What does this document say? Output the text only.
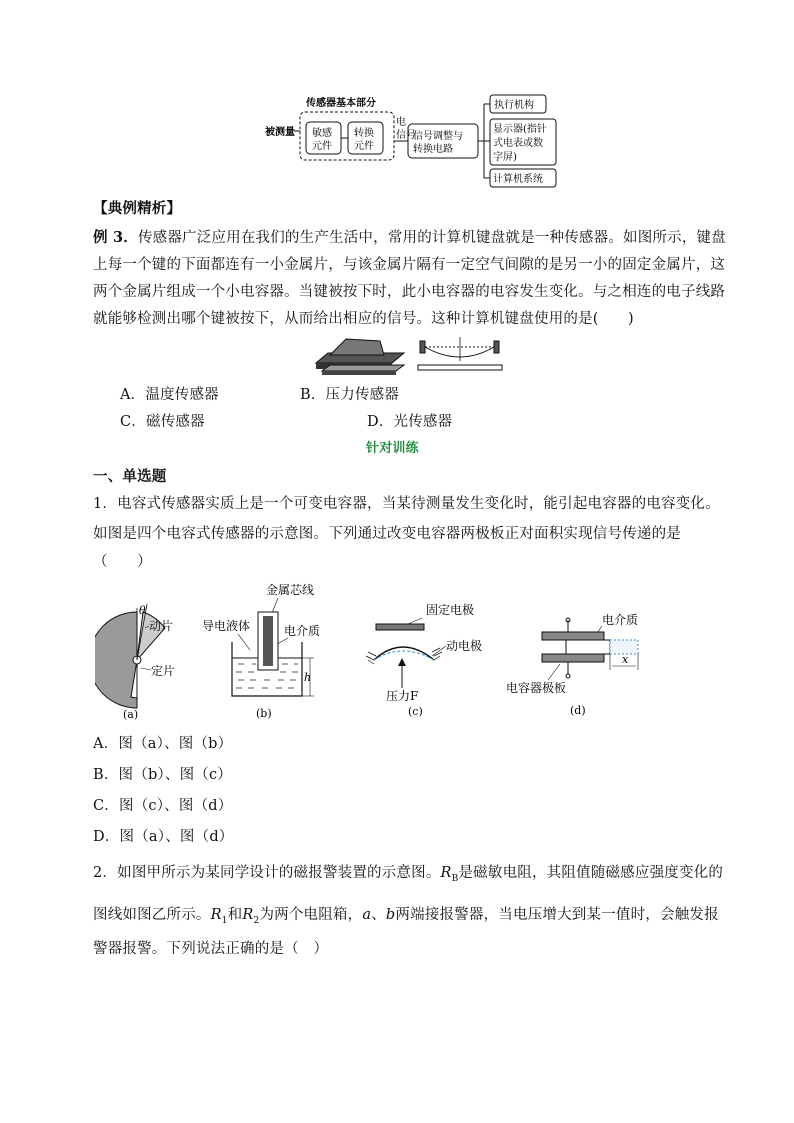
被测量
传感器基本部分
敏感
元件
转换
元件
电
信号
信号调整与
转换电路
执行机构
显示器(指针
式电表或数
字屏)
计算机系统
【典例精析】
例 3．传感器广泛应用在我们的生产生活中，常用的计算机键盘就是一种传感器。如图所示，键盘
上每一个键的下面都连有一小金属片，与该金属片隔有一定空气间隙的是另一小的固定金属片，这
两个金属片组成一个小电容器。当键被按下时，此小电容器的电容发生变化。与之相连的电子线路
就能够检测出哪个键被按下，从而给出相应的信号。这种计算机键盘使用的是(　　)
A．温度传感器	B．压力传感器
C．磁传感器	D．光传感器
针对训练
一、单选题
1．电容式传感器实质上是一个可变电容器，当某待测量发生变化时，能引起电容器的电容变化。
如图是四个电容式传感器的示意图。下列通过改变电容器两极板正对面积实现信号传递的是
（　　）
θ
动片
定片
(a)
金属芯线
导电液体	电介质
h
(b)
固定电极
动电极
压力F
(c)
电介质
x
电容器极板
(d)
A．图（a）、图（b）
B．图（b）、图（c）
C．图（c）、图（d）
D．图（a）、图（d）
2．如图甲所示为某同学设计的磁报警装置的示意图。$R_B$是磁敏电阻，其阻值随磁感应强度变化的
图线如图乙所示。$R_1$和$R_2$为两个电阻箱，a、b两端接报警器，当电压增大到某一值时，会触发报
警器报警。下列说法正确的是（　）
